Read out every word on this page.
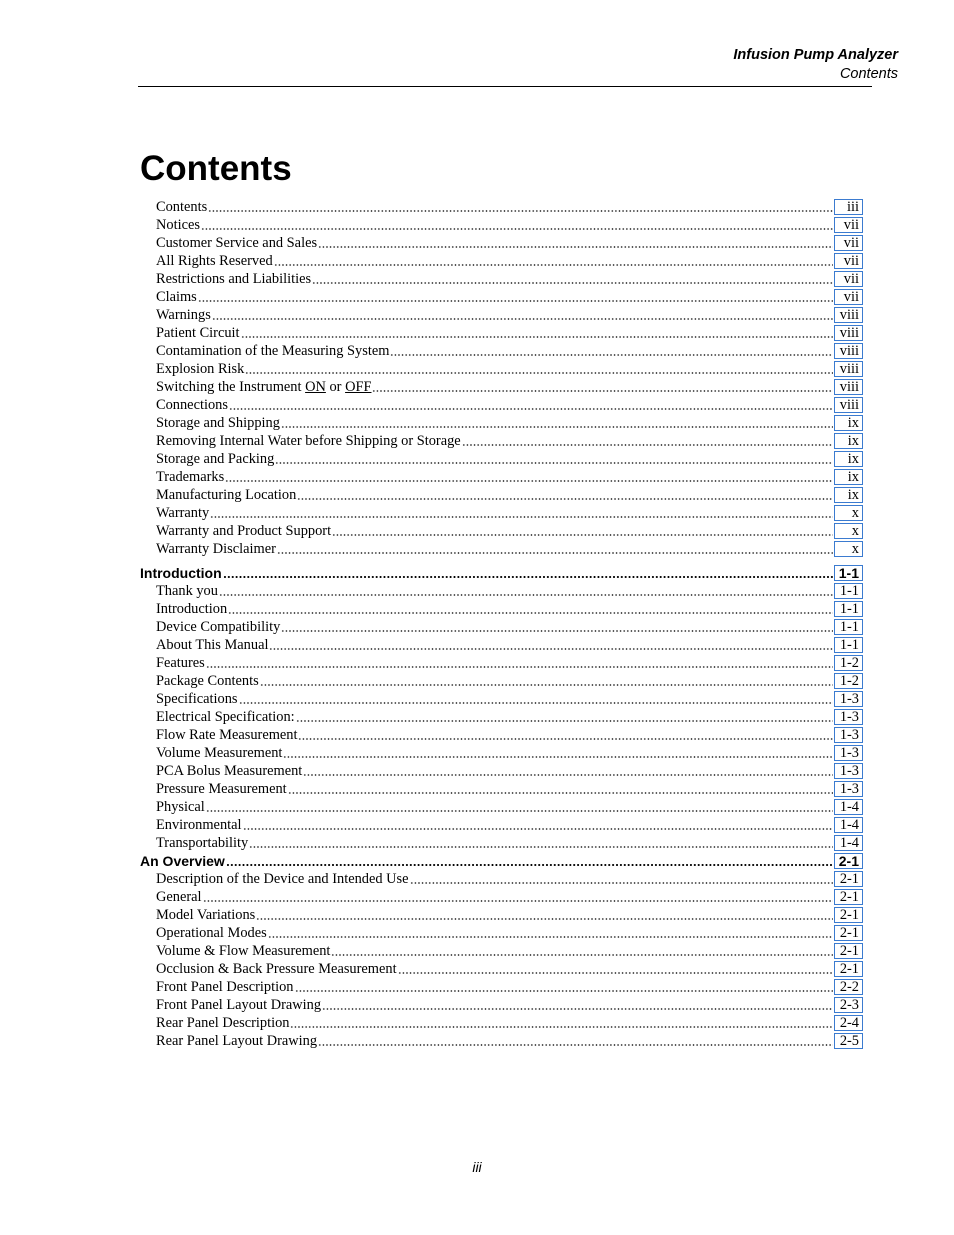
Infusion Pump Analyzer
Contents
Contents
Contents	iii
Notices	vii
Customer Service and Sales	vii
All Rights Reserved	vii
Restrictions and Liabilities	vii
Claims	vii
Warnings	viii
Patient Circuit	viii
Contamination of the Measuring System	viii
Explosion Risk	viii
Switching the Instrument ON or OFF	viii
Connections	viii
Storage and Shipping	ix
Removing Internal Water before Shipping or Storage	ix
Storage and Packing	ix
Trademarks	ix
Manufacturing Location	ix
Warranty	x
Warranty and Product Support	x
Warranty Disclaimer	x
Introduction	1-1
Thank you	1-1
Introduction	1-1
Device Compatibility	1-1
About This Manual	1-1
Features	1-2
Package Contents	1-2
Specifications	1-3
Electrical Specification:	1-3
Flow Rate Measurement	1-3
Volume Measurement	1-3
PCA Bolus Measurement	1-3
Pressure Measurement	1-3
Physical	1-4
Environmental	1-4
Transportability	1-4
An Overview	2-1
Description of the Device and Intended Use	2-1
General	2-1
Model Variations	2-1
Operational Modes	2-1
Volume & Flow Measurement	2-1
Occlusion & Back Pressure Measurement	2-1
Front Panel Description	2-2
Front Panel Layout Drawing	2-3
Rear Panel Description	2-4
Rear Panel Layout Drawing	2-5
iii
